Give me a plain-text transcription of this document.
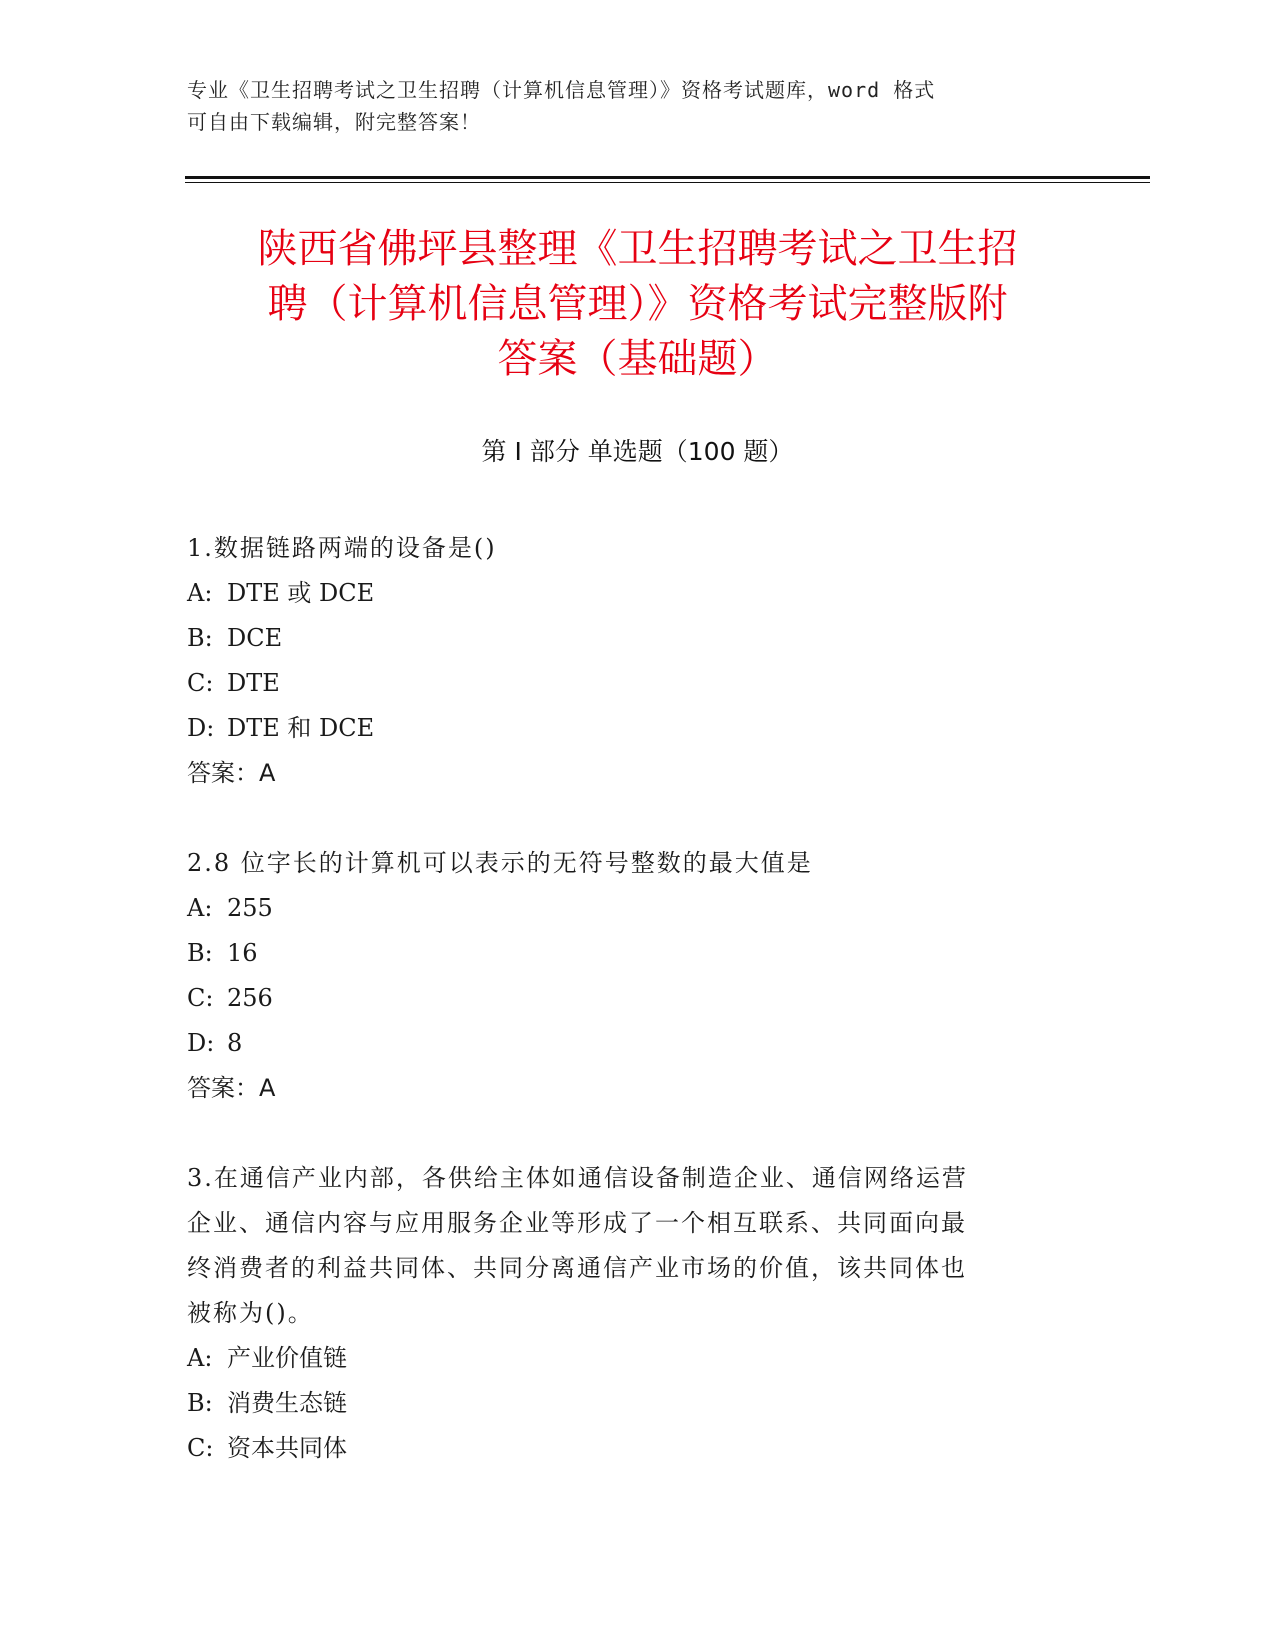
专业《卫生招聘考试之卫生招聘（计算机信息管理）》资格考试题库，word 格式
可自由下载编辑，附完整答案！
陕西省佛坪县整理《卫生招聘考试之卫生招
聘（计算机信息管理）》资格考试完整版附
答案（基础题）
第 I 部分 单选题（100 题）
1.数据链路两端的设备是()
A: DTE 或 DCE
B: DCE
C: DTE
D: DTE 和 DCE
答案：A
2.8 位字长的计算机可以表示的无符号整数的最大值是
A: 255
B: 16
C: 256
D: 8
答案：A
3.在通信产业内部，各供给主体如通信设备制造企业、通信网络运营
企业、通信内容与应用服务企业等形成了一个相互联系、共同面向最
终消费者的利益共同体、共同分离通信产业市场的价值，该共同体也
被称为()。
A: 产业价值链
B: 消费生态链
C: 资本共同体
